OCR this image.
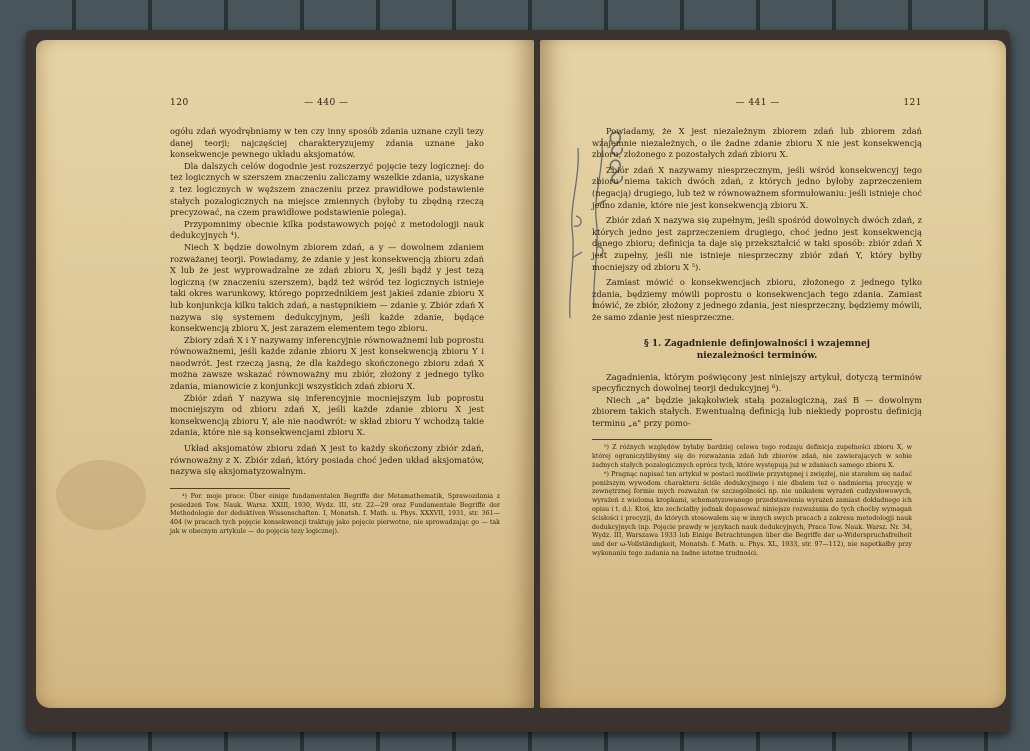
120	— 440 —

ogółu zdań wyodrębniamy w ten czy inny sposób zdania uznane czyli tezy danej teorji; najczęściej charakteryzujemy zdania uznane jako konsekwencje pewnego układu aksjomatów.

Dla dalszych celów dogodnie jest rozszerzyć pojęcie tezy logicznej: do tez logicznych w szerszem znaczeniu zaliczamy wszelkie zdania, uzyskane z tez logicznych w węższem znaczeniu przez prawidłowe podstawienie stałych pozalogicznych na miejsce zmiennych (byłoby tu zbędną rzeczą precyzować, na czem prawidłowe podstawienie polega).

Przypomnimy obecnie kilka podstawowych pojęć z metodologji nauk dedukcyjnych ⁴).

Niech X będzie dowolnym zbiorem zdań, a y — dowolnem zdaniem rozważanej teorji. Powiadamy, że zdanie y jest konsekwencją zbioru zdań X lub że jest wyprowadzalne ze zdań zbioru X, jeśli bądź y jest tezą logiczną (w znaczeniu szerszem), bądź też wśród tez logicznych istnieje taki okres warunkowy, którego poprzednikiem jest jakieś zdanie zbioru X lub konjunkcja kilku takich zdań, a następnikiem — zdanie y. Zbiór zdań X nazywa się systemem dedukcyjnym, jeśli każde zdanie, będące konsekwencją zbioru X, jest zarazem elementem tego zbioru.

Zbiory zdań X i Y nazywamy inferencyjnie równoważnemi lub poprostu równoważnemi, jeśli każde zdanie zbioru X jest konsekwencją zbioru Y i naodwrót. Jest rzeczą jasną, że dla każdego skończonego zbioru zdań X można zawsze wskazać równoważny mu zbiór, złożony z jednego tylko zdania, mianowicie z konjunkcji wszystkich zdań zbioru X.

Zbiór zdań Y nazywa się inferencyjnie mocniejszym lub poprostu mocniejszym od zbioru zdań X, jeśli każde zdanie zbioru X jest konsekwencją zbioru Y, ale nie naodwrót: w skład zbioru Y wchodzą takie zdania, które nie są konsekwencjami zbioru X.

Układ aksjomatów zbioru zdań X jest to każdy skończony zbiór zdań, równoważny z X. Zbiór zdań, który posiada choć jeden układ aksjomatów, nazywa się aksjomatyzowalnym.

⁴) Por. moje prace: Über einige fundamentalen Begriffe der Metamathematik, Sprawozdania z posiedzeń Tow. Nauk. Warsz. XXIII, 1930, Wydz. III, str. 22—29 oraz Fundamentale Begriffe der Methodologie der deduktiven Wissenschaften. I, Monatsh. f. Math. u. Phys. XXXVII, 1931, str. 361—404 (w pracach tych pojęcie konsekwencji traktuję jako pojęcie pierwotne, nie sprowadzając go — tak jak w obecnym artykule — do pojęcia tezy logicznej).

— 441 —	121

Powiadamy, że X jest niezależnym zbiorem zdań lub zbiorem zdań wzajemnie niezależnych, o ile żadne zdanie zbioru X nie jest konsekwencją zbioru, złożonego z pozostałych zdań zbioru X.

Zbiór zdań X nazywamy niesprzecznym, jeśli wśród konsekwencyj tego zbioru niema takich dwóch zdań, z których jedno byłoby zaprzeczeniem (negacją) drugiego, lub też w równoważnem sformułowaniu: jeśli istnieje choć jedno zdanie, które nie jest konsekwencją zbioru X.

Zbiór zdań X nazywa się zupełnym, jeśli spośród dowolnych dwóch zdań, z których jedno jest zaprzeczeniem drugiego, choć jedno jest konsekwencją danego zbioru; definicja ta daje się przekształcić w taki sposób: zbiór zdań X jest zupełny, jeśli nie istnieje niesprzeczny zbiór zdań Y, który byłby mocniejszy od zbioru X ⁵).

Zamiast mówić o konsekwencjach zbioru, złożonego z jednego tylko zdania, będziemy mówili poprostu o konsekwencjach tego zdania. Zamiast mówić, że zbiór, złożony z jednego zdania, jest niesprzeczny, będziemy mówili, że samo zdanie jest niesprzeczne.

§ 1. Zagadnienie definjowalności i wzajemnej
niezależności terminów.

Zagadnienia, którym poświęcony jest niniejszy artykuł, dotyczą terminów specyficznych dowolnej teorji dedukcyjnej ⁶).

Niech „a" będzie jakąkolwiek stałą pozalogiczną, zaś B — dowolnym zbiorem takich stałych. Ewentualną definicją lub niekiedy poprostu definicją terminu „a" przy pomo-

⁵) Z różnych względów byłaby bardziej celowa tego rodzaju definicja zupełności zbioru X, w której ograniczylibyśmy się do rozważania zdań lub zbiorów zdań, nie zawierających w sobie żadnych stałych pozalogicznych oprócz tych, które występują już w zdaniach samego zbioru X.

⁶) Pragnąc napisać ten artykuł w postaci możliwie przystępnej i zwięzłej, nie starałem się nadać poniższym wywodom charakteru ściśle dedukcyjnego i nie dbałem też o nadmierną precyzję w zewnętrznej formie mych rozważań (w szczególności np. nie unikałem wyrażeń cudzysłowowych, wyrażeń z wieloma kropkami, schematyzowanego przedstawienia wyrażeń zamiast dokładnego ich opisu i t. d.). Ktoś, kto zechciałby jednak dopasować niniejsze rozważania do tych choćby wymagań ścisłości i precyzji, do których stosowałem się w innych swych pracach z zakresu metodologji nauk dedukcyjnych (np. Pojęcie prawdy w językach nauk dedukcyjnych, Prace Tow. Nauk. Warsz. Nr. 34, Wydz. III, Warszawa 1933 lub Einige Betrachtungen über die Begriffe der ω-Widerspruchsfreiheit und der ω-Vollständigkeit, Monatsh. f. Math. u. Phys. XL, 1933, str. 97—112), nie napotkałby przy wykonaniu tego zadania na żadne istotne trudności.
